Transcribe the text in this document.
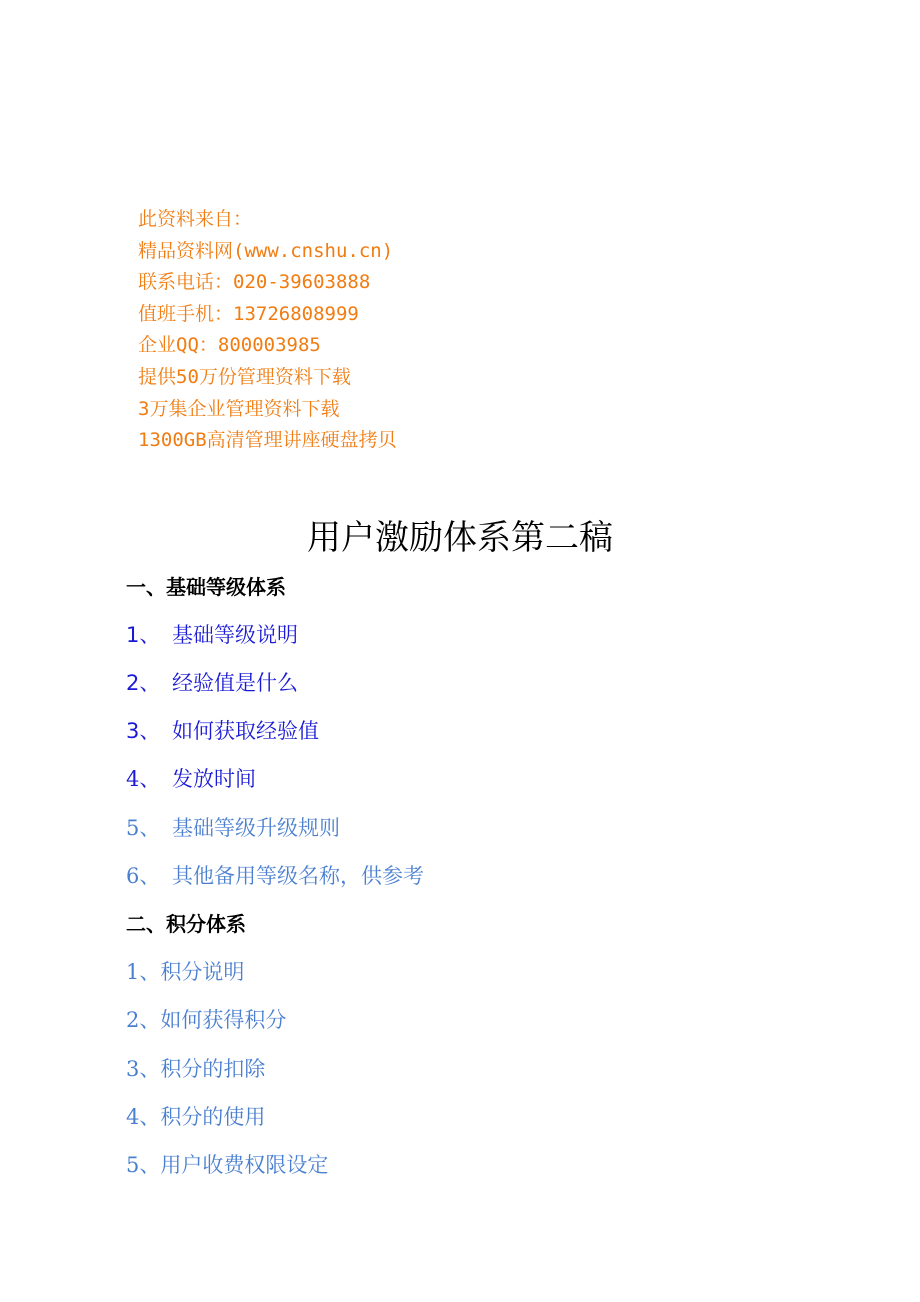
此资料来自：
精品资料网(www.cnshu.cn)
联系电话：020-39603888
值班手机：13726808999
企业QQ：800003985
提供50万份管理资料下载
3万集企业管理资料下载
1300GB高清管理讲座硬盘拷贝
用户激励体系第二稿
一、基础等级体系
1、 基础等级说明
2、 经验值是什么
3、 如何获取经验值
4、 发放时间
5、 基础等级升级规则
6、 其他备用等级名称，供参考
二、积分体系
1、积分说明
2、如何获得积分
3、积分的扣除
4、积分的使用
5、用户收费权限设定
